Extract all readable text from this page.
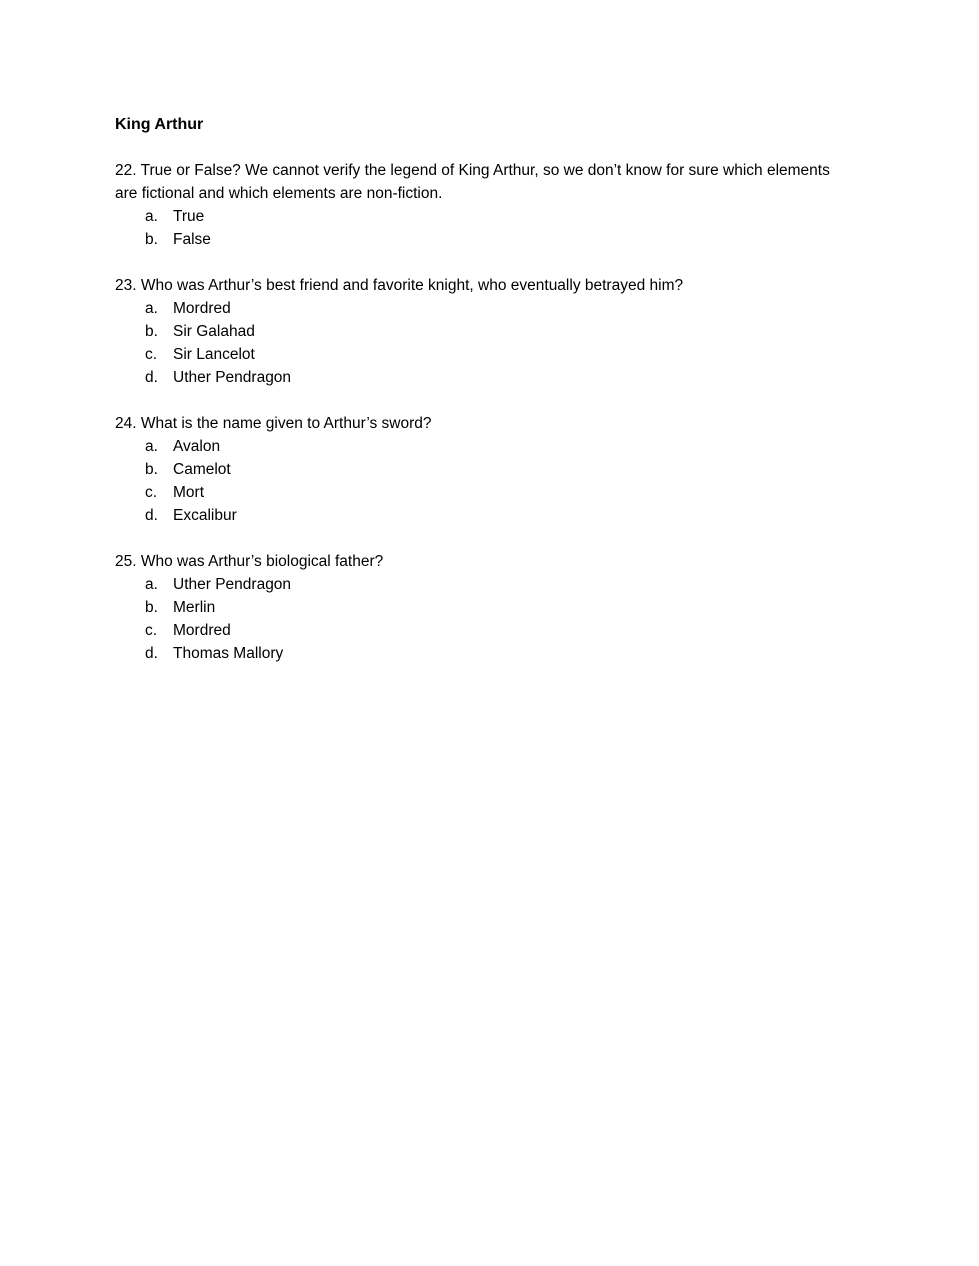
King Arthur

22. True or False? We cannot verify the legend of King Arthur, so we don’t know for sure which elements are fictional and which elements are non-fiction.

a. True
b. False

23. Who was Arthur’s best friend and favorite knight, who eventually betrayed him?

a. Mordred
b. Sir Galahad
c.	Sir Lancelot
d. Uther Pendragon

24. What is the name given to Arthur’s sword?

a. Avalon
b. Camelot
c.	Mort
d. Excalibur

25. Who was Arthur’s biological father?

a. Uther Pendragon
b. Merlin
c.	Mordred
d. Thomas Mallory
